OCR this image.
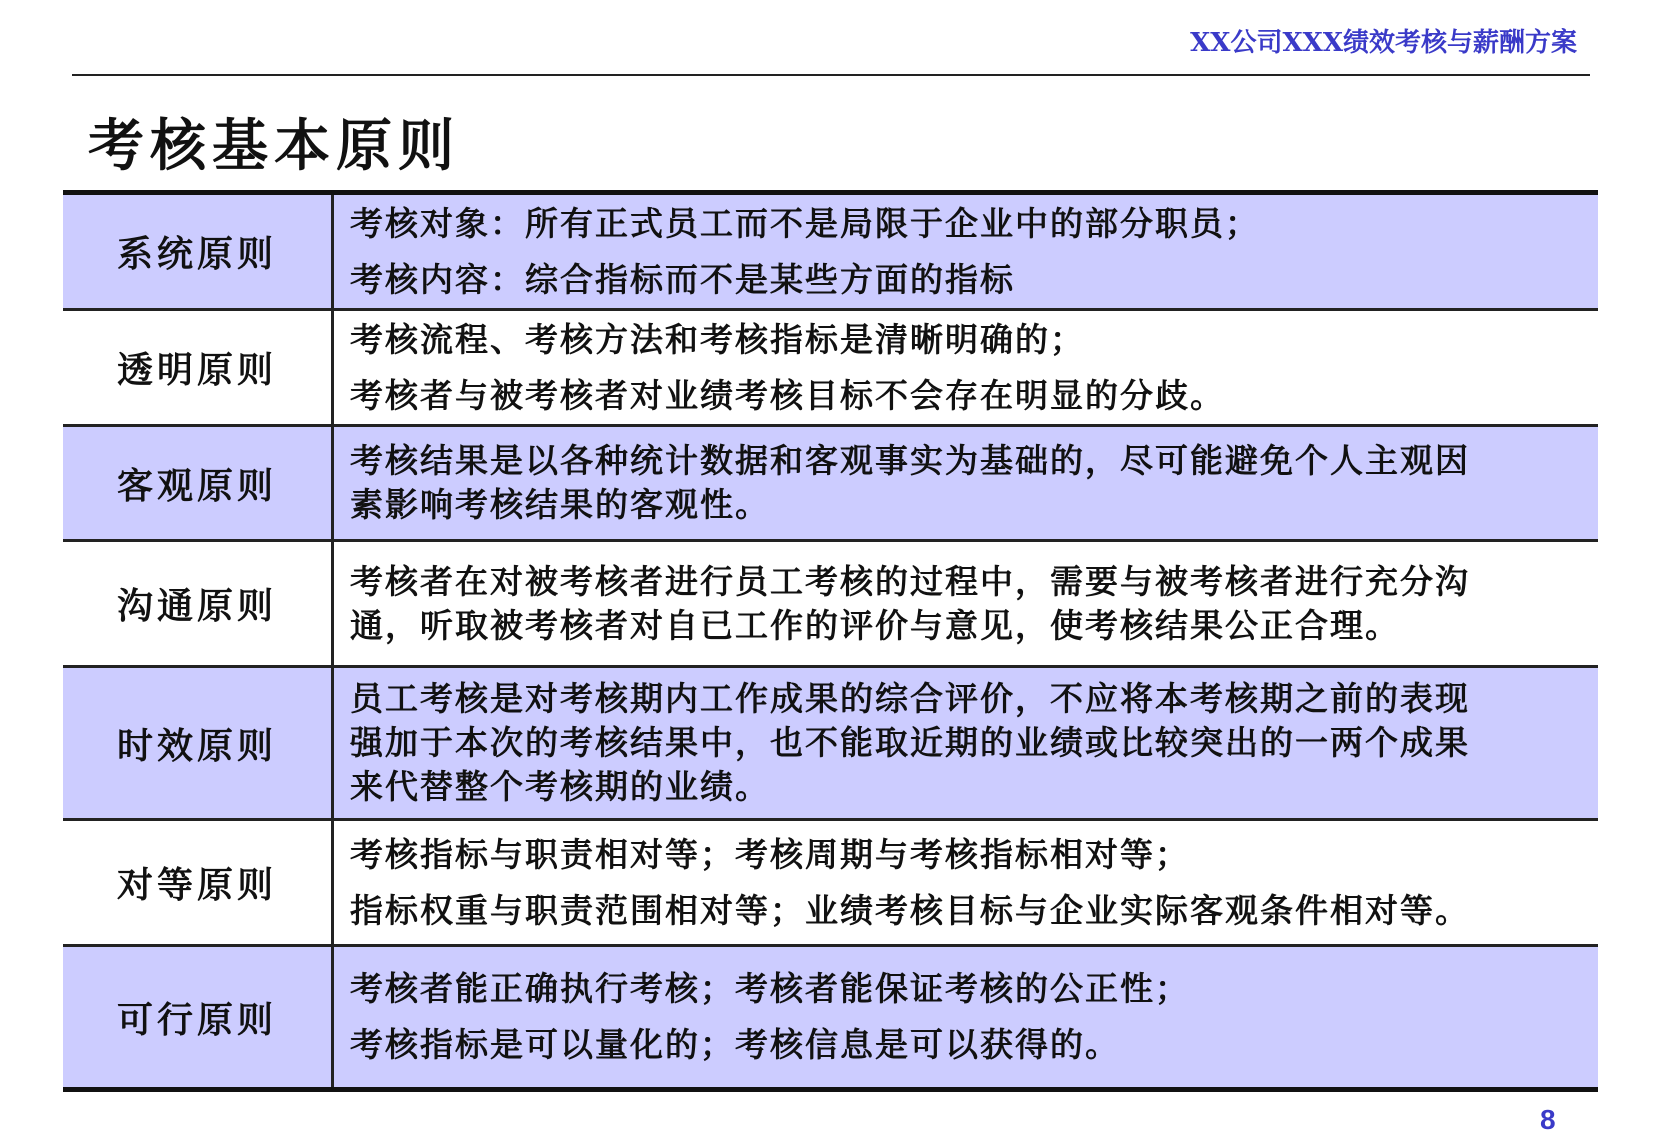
XX公司XXX绩效考核与薪酬方案
考核基本原则
系统原则
考核对象：所有正式员工而不是局限于企业中的部分职员；
考核内容：综合指标而不是某些方面的指标
透明原则
考核流程、考核方法和考核指标是清晰明确的；
考核者与被考核者对业绩考核目标不会存在明显的分歧。
客观原则
考核结果是以各种统计数据和客观事实为基础的，尽可能避免个人主观因
素影响考核结果的客观性。
沟通原则
考核者在对被考核者进行员工考核的过程中，需要与被考核者进行充分沟
通，听取被考核者对自已工作的评价与意见，使考核结果公正合理。
时效原则
员工考核是对考核期内工作成果的综合评价，不应将本考核期之前的表现
强加于本次的考核结果中，也不能取近期的业绩或比较突出的一两个成果
来代替整个考核期的业绩。
对等原则
考核指标与职责相对等；考核周期与考核指标相对等；
指标权重与职责范围相对等；业绩考核目标与企业实际客观条件相对等。
可行原则
考核者能正确执行考核；考核者能保证考核的公正性；
考核指标是可以量化的；考核信息是可以获得的。
8
